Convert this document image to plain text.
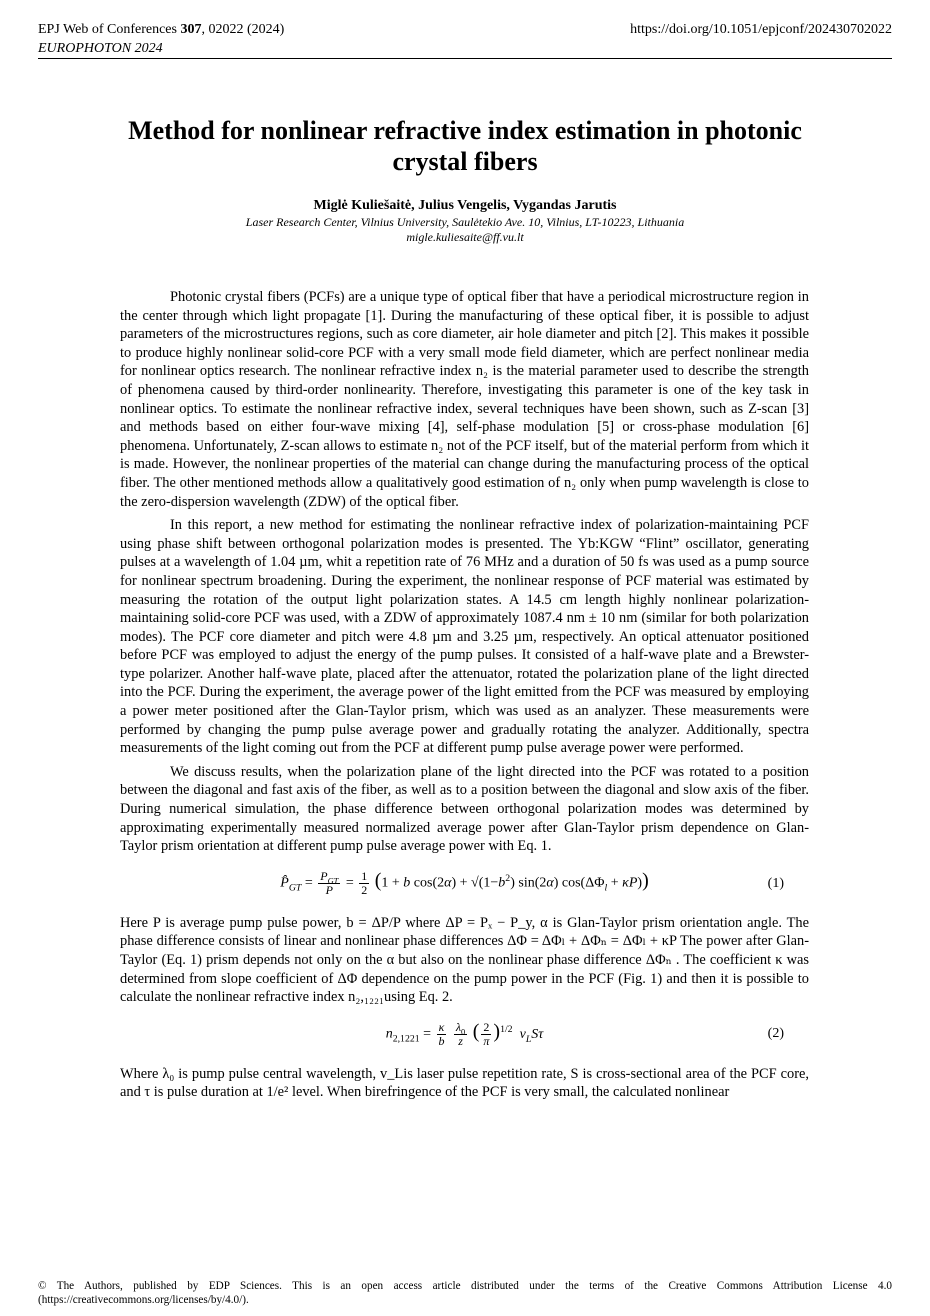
EPJ Web of Conferences 307, 02022 (2024)
EUROPHOTON 2024
https://doi.org/10.1051/epjconf/202430702022
Method for nonlinear refractive index estimation in photonic crystal fibers
Miglė Kuliešaitė, Julius Vengelis, Vygandas Jarutis
Laser Research Center, Vilnius University, Saulėtekio Ave. 10, Vilnius, LT-10223, Lithuania
migle.kuliesaite@ff.vu.lt

Photonic crystal fibers (PCFs) are a unique type of optical fiber that have a periodical microstructure region in the center through which light propagate [1]. During the manufacturing of these optical fiber, it is possible to adjust parameters of the microstructures regions, such as core diameter, air hole diameter and pitch [2]. This makes it possible to produce highly nonlinear solid-core PCF with a very small mode field diameter, which are perfect nonlinear media for nonlinear optics research. The nonlinear refractive index n₂ is the material parameter used to describe the strength of phenomena caused by third-order nonlinearity. Therefore, investigating this parameter is one of the key task in nonlinear optics. To estimate the nonlinear refractive index, several techniques have been shown, such as Z-scan [3] and methods based on either four-wave mixing [4], self-phase modulation [5] or cross-phase modulation [6] phenomena. Unfortunately, Z-scan allows to estimate n₂ not of the PCF itself, but of the material perform from which it is made. However, the nonlinear properties of the material can change during the manufacturing process of the optical fiber. The other mentioned methods allow a qualitatively good estimation of n₂ only when pump wavelength is close to the zero-dispersion wavelength (ZDW) of the optical fiber.

In this report, a new method for estimating the nonlinear refractive index of polarization-maintaining PCF using phase shift between orthogonal polarization modes is presented. The Yb:KGW “Flint” oscillator, generating pulses at a wavelength of 1.04 µm, whit a repetition rate of 76 MHz and a duration of 50 fs was used as a pump source for nonlinear spectrum broadening. During the experiment, the nonlinear response of PCF material was estimated by measuring the rotation of the output light polarization states. A 14.5 cm length highly nonlinear polarization-maintaining solid-core PCF was used, with a ZDW of approximately 1087.4 nm ± 10 nm (similar for both polarization modes). The PCF core diameter and pitch were 4.8 µm and 3.25 µm, respectively. An optical attenuator positioned before PCF was employed to adjust the energy of the pump pulses. It consisted of a half-wave plate and a Brewster-type polarizer. Another half-wave plate, placed after the attenuator, rotated the polarization plane of the light directed into the PCF. During the experiment, the average power of the light emitted from the PCF was measured by employing a power meter positioned after the Glan-Taylor prism, which was used as an analyzer. These measurements were performed by changing the pump pulse average power and gradually rotating the analyzer. Additionally, spectra measurements of the light coming out from the PCF at different pump pulse average power were performed.

We discuss results, when the polarization plane of the light directed into the PCF was rotated to a position between the diagonal and fast axis of the fiber, as well as to a position between the diagonal and slow axis of the fiber. During numerical simulation, the phase difference between orthogonal polarization modes was determined by approximating experimentally measured normalized average power after Glan-Taylor prism dependence on Glan-Taylor prism orientation at different pump pulse average power with Eq. 1.

$P̂_{GT} = \frac{P_{GT}}{P} = \frac{1}{2} (1 + b$ $\cos(2\alpha) + √(1-b^2)$ sin(2α) $\cos(\Delta\Phi_l + \kappa P)$)	(1)

Here P is average pump pulse power, b = ΔP/P where ΔP = Pₓ − P_y, α is Glan-Taylor prism orientation angle. The phase difference consists of linear and nonlinear phase differences ΔΦ = ΔΦₗ + ΔΦₙ = ΔΦₗ + κP The power after Glan-Taylor (Eq. 1) prism depends not only on the α but also on the nonlinear phase difference ΔΦₙ . The coefficient κ was determined from slope coefficient of ΔΦ dependence on the pump power in the PCF (Fig. 1) and then it is possible to calculate the nonlinear refractive index n₂,₁₂₂₁using Eq. 2.

$n_{2,1221} = \frac{\kappa}{b}$
$\frac{\lambda_0}{z}$ ( $\frac{2}{\pi} )^{1/2}$ $v_LS\tau$	(2)

Where λ₀ is pump pulse central wavelength, v_Lis laser pulse repetition rate, S is cross-sectional area of the PCF core, and τ is pulse duration at 1/e² level. When birefringence of the PCF is very small, the calculated nonlinear

© The Authors, published by EDP Sciences. This is an open access article distributed under the terms of the Creative Commons Attribution License 4.0 (https://creativecommons.org/licenses/by/4.0/).
